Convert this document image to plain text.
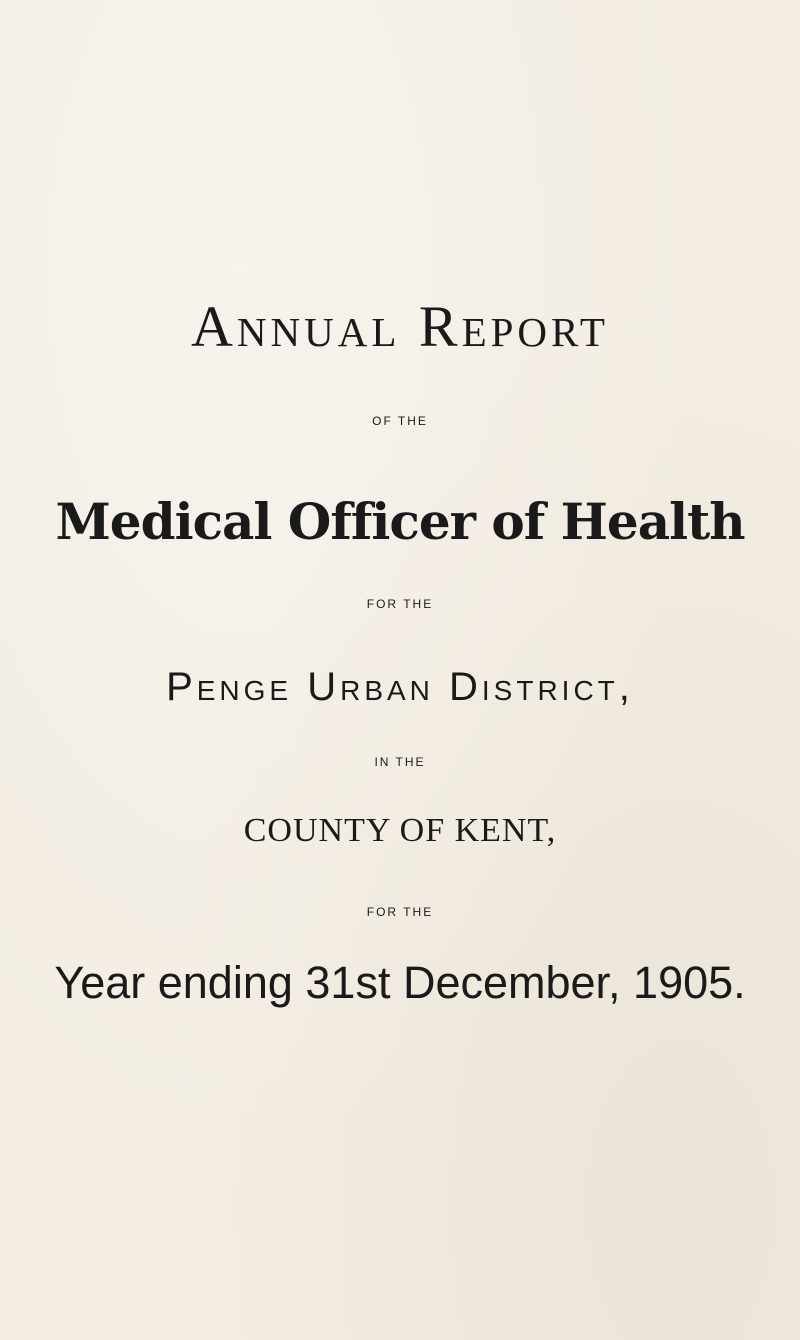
Annual Report
OF THE
Medical Officer of Health
FOR THE
Penge Urban District,
IN THE
COUNTY OF KENT,
FOR THE
Year ending 31st December, 1905.
